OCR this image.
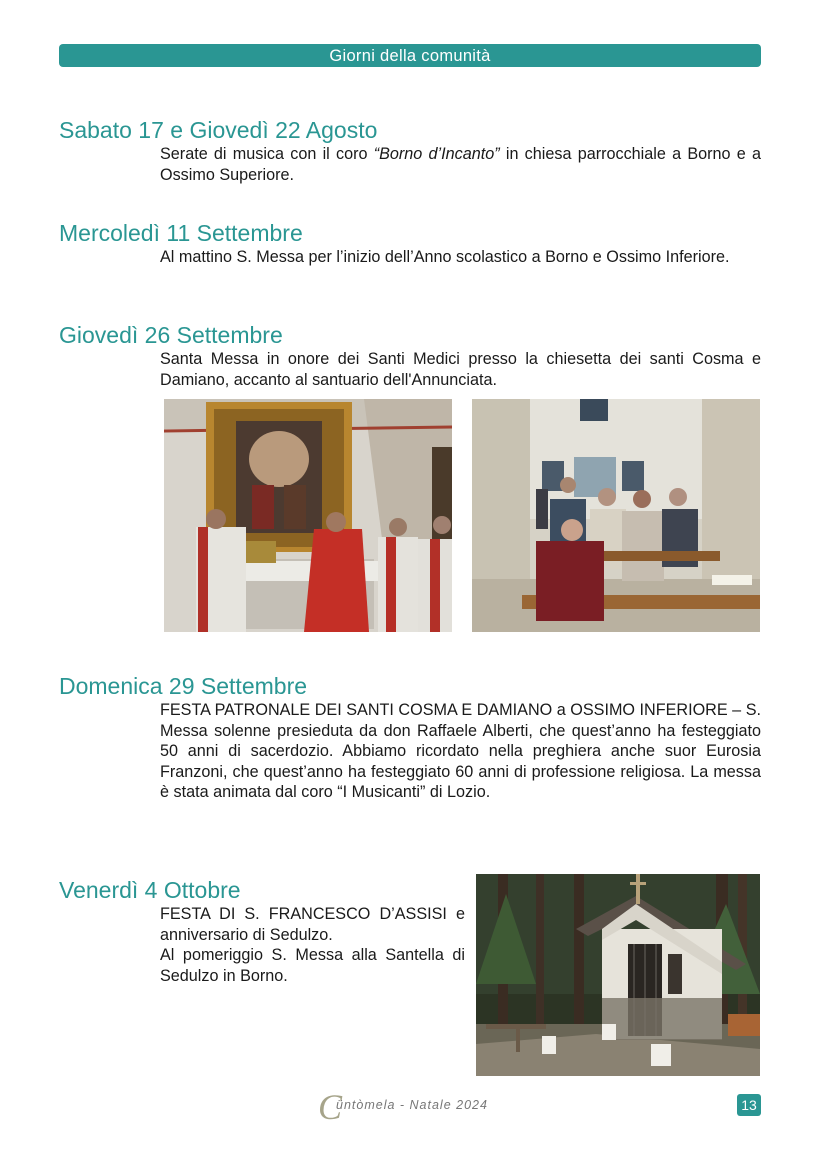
Giorni della comunità
Sabato 17 e Giovedì 22 Agosto
Serate di musica con il coro “Borno d’Incanto” in chiesa parrocchiale a Borno e a Ossimo Superiore.
Mercoledì 11 Settembre
Al mattino S. Messa per l’inizio dell’Anno scolastico a Borno e Ossimo Inferiore.
Giovedì 26 Settembre
Santa Messa in onore dei Santi Medici presso la chiesetta dei santi Cosma e Damiano, accanto al santuario dell'Annunciata.
Domenica 29 Settembre
FESTA PATRONALE DEI SANTI COSMA E DAMIANO a OSSIMO INFERIORE – S. Messa solenne presieduta da don Raffaele Alberti, che quest’anno ha festeggiato 50 anni di sacerdozio. Abbiamo ricordato nella preghiera anche suor Eurosia Franzoni, che quest’anno ha festeggiato 60 anni di professione religiosa. La messa è stata animata dal coro “I Musicanti” di Lozio.
Venerdì 4 Ottobre

FESTA DI S. FRANCESCO D’ASSISI e anniversario di Sedulzo.

Al pomeriggio S. Messa alla Santella di Sedulzo in Borno.

C
üntòmela - Natale 2024	13
